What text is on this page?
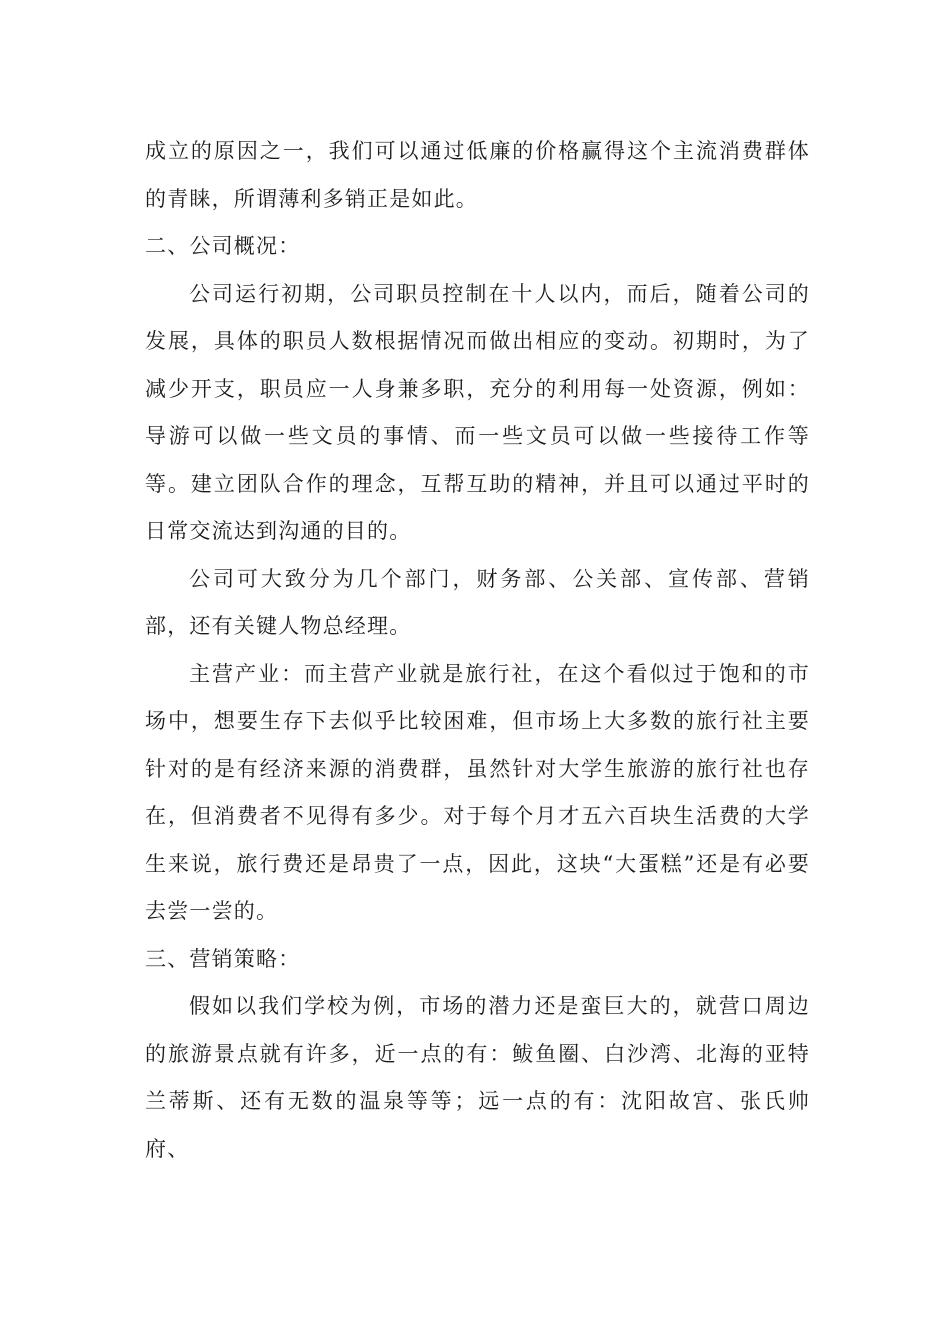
成立的原因之一，我们可以通过低廉的价格赢得这个主流消费群体的青睐，所谓薄利多销正是如此。

二、公司概况：

公司运行初期，公司职员控制在十人以内，而后，随着公司的发展，具体的职员人数根据情况而做出相应的变动。初期时，为了减少开支，职员应一人身兼多职，充分的利用每一处资源，例如：导游可以做一些文员的事情、而一些文员可以做一些接待工作等等。建立团队合作的理念，互帮互助的精神，并且可以通过平时的日常交流达到沟通的目的。

公司可大致分为几个部门，财务部、公关部、宣传部、营销部，还有关键人物总经理。

主营产业：而主营产业就是旅行社，在这个看似过于饱和的市场中，想要生存下去似乎比较困难，但市场上大多数的旅行社主要针对的是有经济来源的消费群，虽然针对大学生旅游的旅行社也存在，但消费者不见得有多少。对于每个月才五六百块生活费的大学生来说，旅行费还是昂贵了一点，因此，这块“大蛋糕”还是有必要去尝一尝的。

三、营销策略：

假如以我们学校为例，市场的潜力还是蛮巨大的，就营口周边的旅游景点就有许多，近一点的有：鲅鱼圈、白沙湾、北海的亚特兰蒂斯、还有无数的温泉等等；远一点的有：沈阳故宫、张氏帅府、
